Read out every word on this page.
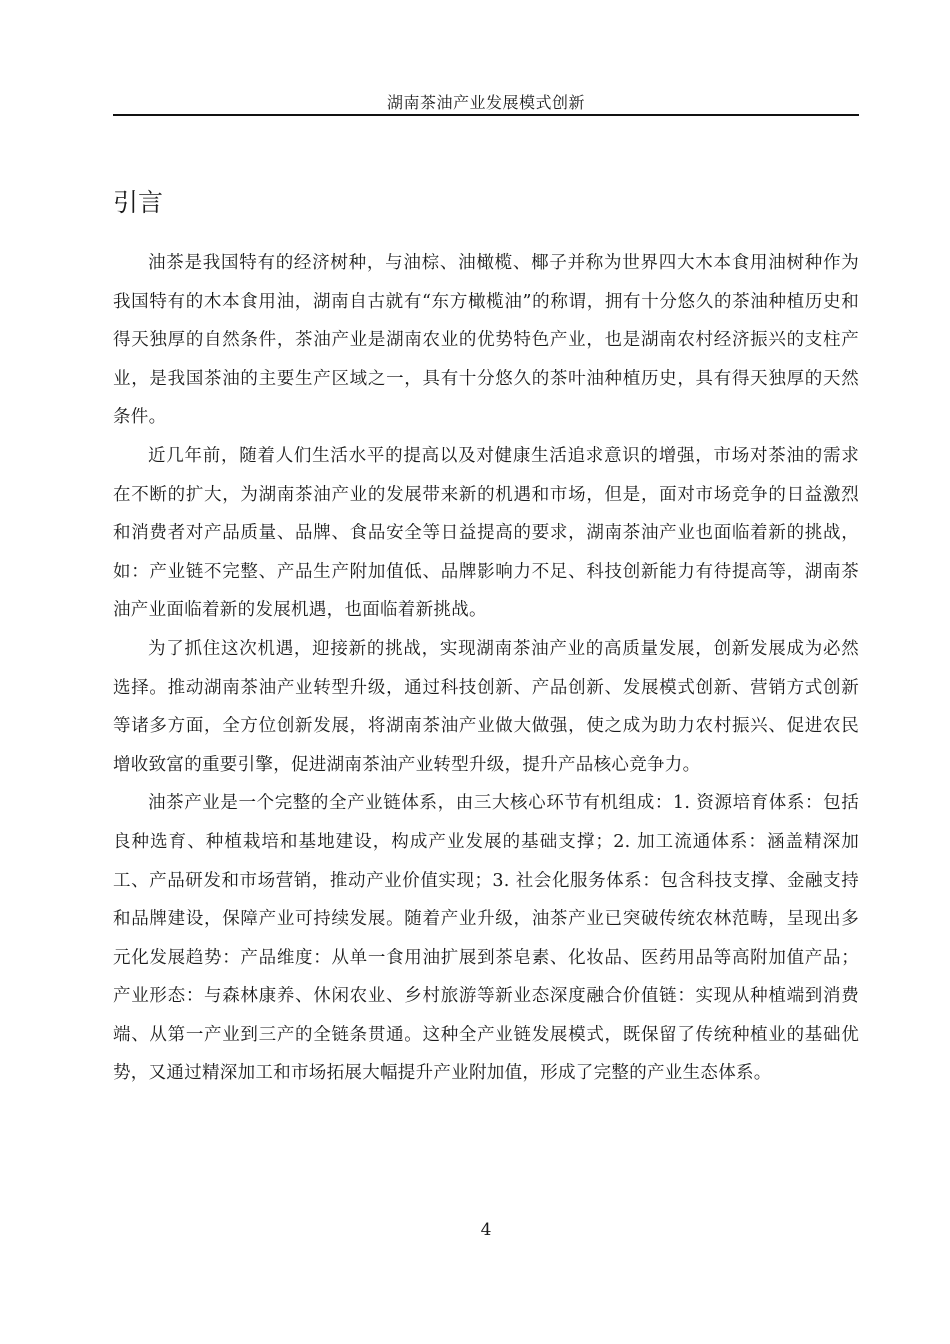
湖南茶油产业发展模式创新
引言

油茶是我国特有的经济树种，与油棕、油橄榄、椰子并称为世界四大木本食用油树种作为我国特有的木本食用油，湖南自古就有“东方橄榄油”的称谓，拥有十分悠久的茶油种植历史和得天独厚的自然条件，茶油产业是湖南农业的优势特色产业，也是湖南农村经济振兴的支柱产业，是我国茶油的主要生产区域之一，具有十分悠久的茶叶油种植历史，具有得天独厚的天然条件。

近几年前，随着人们生活水平的提高以及对健康生活追求意识的增强，市场对茶油的需求在不断的扩大，为湖南茶油产业的发展带来新的机遇和市场，但是，面对市场竞争的日益激烈和消费者对产品质量、品牌、食品安全等日益提高的要求，湖南茶油产业也面临着新的挑战，如：产业链不完整、产品生产附加值低、品牌影响力不足、科技创新能力有待提高等，湖南茶油产业面临着新的发展机遇，也面临着新挑战。

为了抓住这次机遇，迎接新的挑战，实现湖南茶油产业的高质量发展，创新发展成为必然选择。推动湖南茶油产业转型升级，通过科技创新、产品创新、发展模式创新、营销方式创新等诸多方面，全方位创新发展，将湖南茶油产业做大做强，使之成为助力农村振兴、促进农民增收致富的重要引擎，促进湖南茶油产业转型升级，提升产品核心竞争力。

油茶产业是一个完整的全产业链体系，由三大核心环节有机组成：1. 资源培育体系：包括良种选育、种植栽培和基地建设，构成产业发展的基础支撑；2. 加工流通体系：涵盖精深加工、产品研发和市场营销，推动产业价值实现；3. 社会化服务体系：包含科技支撑、金融支持和品牌建设，保障产业可持续发展。随着产业升级，油茶产业已突破传统农林范畴，呈现出多元化发展趋势：产品维度：从单一食用油扩展到茶皂素、化妆品、医药用品等高附加值产品；产业形态：与森林康养、休闲农业、乡村旅游等新业态深度融合价值链：实现从种植端到消费端、从第一产业到三产的全链条贯通。这种全产业链发展模式，既保留了传统种植业的基础优势，又通过精深加工和市场拓展大幅提升产业附加值，形成了完整的产业生态体系。

4
